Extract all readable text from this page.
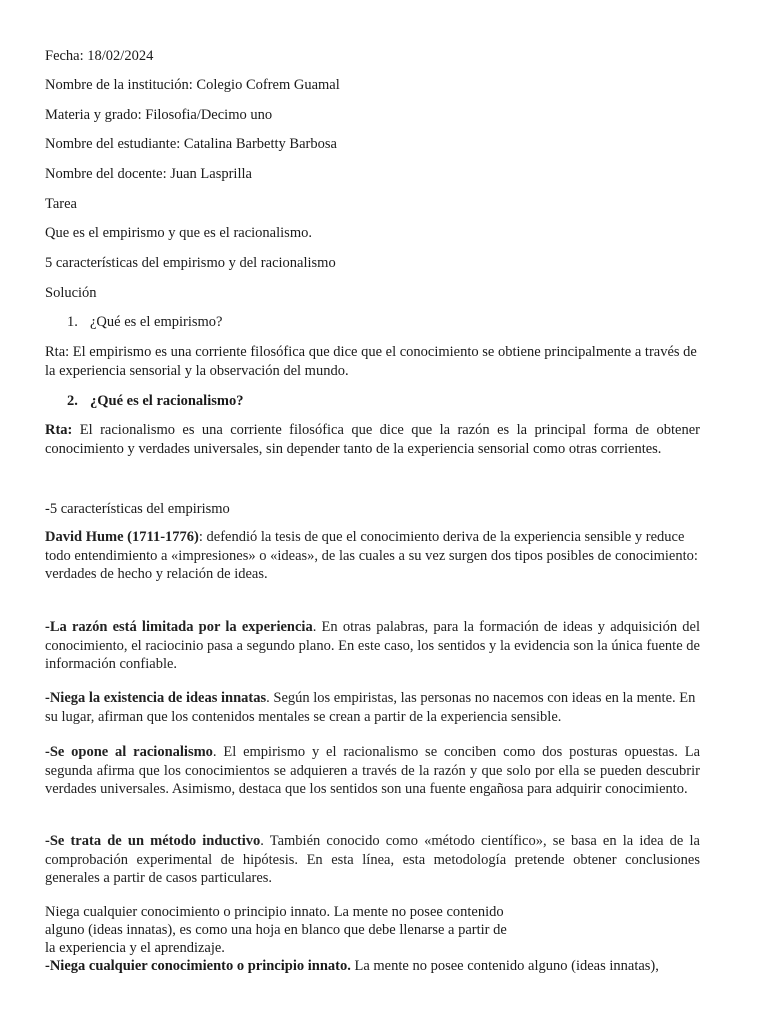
Fecha: 18/02/2024
Nombre de la institución: Colegio Cofrem Guamal
Materia y grado: Filosofia/Decimo uno
Nombre del estudiante: Catalina Barbetty Barbosa
Nombre del docente: Juan Lasprilla
Tarea
Que es el empirismo y que es el racionalismo.
5 características del empirismo y del racionalismo
Solución
1. ¿Qué es el empirismo?
Rta: El empirismo es una corriente filosófica que dice que el conocimiento se obtiene principalmente a través de la experiencia sensorial y la observación del mundo.
2. ¿Qué es el racionalismo?
Rta: El racionalismo es una corriente filosófica que dice que la razón es la principal forma de obtener conocimiento y verdades universales, sin depender tanto de la experiencia sensorial como otras corrientes.
-5 características del empirismo
David Hume (1711-1776): defendió la tesis de que el conocimiento deriva de la experiencia sensible y reduce todo entendimiento a «impresiones» o «ideas», de las cuales a su vez surgen dos tipos posibles de conocimiento: verdades de hecho y relación de ideas.
-La razón está limitada por la experiencia. En otras palabras, para la formación de ideas y adquisición del conocimiento, el raciocinio pasa a segundo plano. En este caso, los sentidos y la evidencia son la única fuente de información confiable.
-Niega la existencia de ideas innatas. Según los empiristas, las personas no nacemos con ideas en la mente. En su lugar, afirman que los contenidos mentales se crean a partir de la experiencia sensible.
-Se opone al racionalismo. El empirismo y el racionalismo se conciben como dos posturas opuestas. La segunda afirma que los conocimientos se adquieren a través de la razón y que solo por ella se pueden descubrir verdades universales. Asimismo, destaca que los sentidos son una fuente engañosa para adquirir conocimiento.
-Se trata de un método inductivo. También conocido como «método científico», se basa en la idea de la comprobación experimental de hipótesis. En esta línea, esta metodología pretende obtener conclusiones generales a partir de casos particulares.
Niega cualquier conocimiento o principio innato. La mente no posee contenido
alguno (ideas innatas), es como una hoja en blanco que debe llenarse a partir de
la experiencia y el aprendizaje.
-Niega cualquier conocimiento o principio innato. La mente no posee contenido alguno (ideas innatas),
